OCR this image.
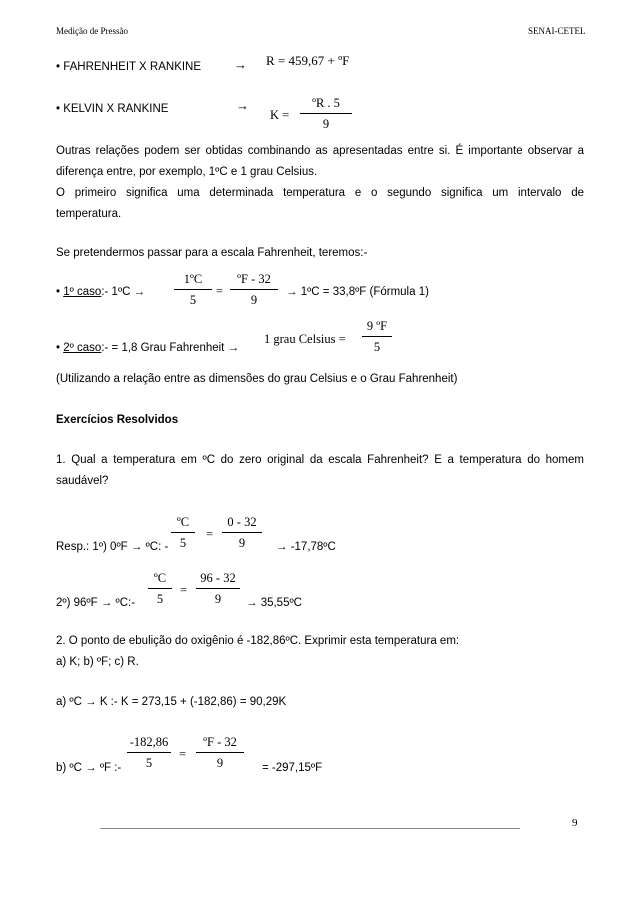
Medição de Pressão	SENAI-CETEL
• FAHRENHEIT X RANKINE	→ R = 459,67 + ºF
• KELVIN X RANKINE	→
$K = \frac{\text{ºR . 5}}{9}$
Outras relações podem ser obtidas combinando as apresentadas entre si. É importante observar a
diferença entre, por exemplo, 1ºC e 1 grau Celsius.
O primeiro significa uma determinada temperatura e o segundo significa um intervalo de
temperatura.
Se pretendermos passar para a escala Fahrenheit, teremos:-
• 1º caso:- 1ºC → $\frac{\text{1ºC}}{5} = \frac{\text{ºF - 32}}{9}$ → 1ºC = 33,8ºF (Fórmula 1)
• 2º caso:- = 1,8 Grau Fahrenheit →
1 grau Celsius = $\frac{\text{9 ºF}}{5}$
(Utilizando a relação entre as dimensões do grau Celsius e o Grau Fahrenheit)
Exercícios Resolvidos
1. Qual a temperatura em ºC do zero original da escala Fahrenheit? E a temperatura do homem
saudável?
Resp.: 1º) 0ºF → ºC: - $\frac{\text{ºC}}{5} = \frac{0 - 32}{9}$ → -17,78ºC
2º) 96ºF → ºC:- $\frac{\text{ºC}}{5} = \frac{96 - 32}{9}$ → 35,55ºC
2. O ponto de ebulição do oxigênio é -182,86ºC. Exprimir esta temperatura em:
a) K; b) ºF; c) R.
a) ºC → K :- K = 273,15 + (-182,86) = 90,29K
b) ºC → ºF :- $\frac{-182,86}{5} = \frac{\text{ºF - 32}}{9}$ = -297,15ºF
9
